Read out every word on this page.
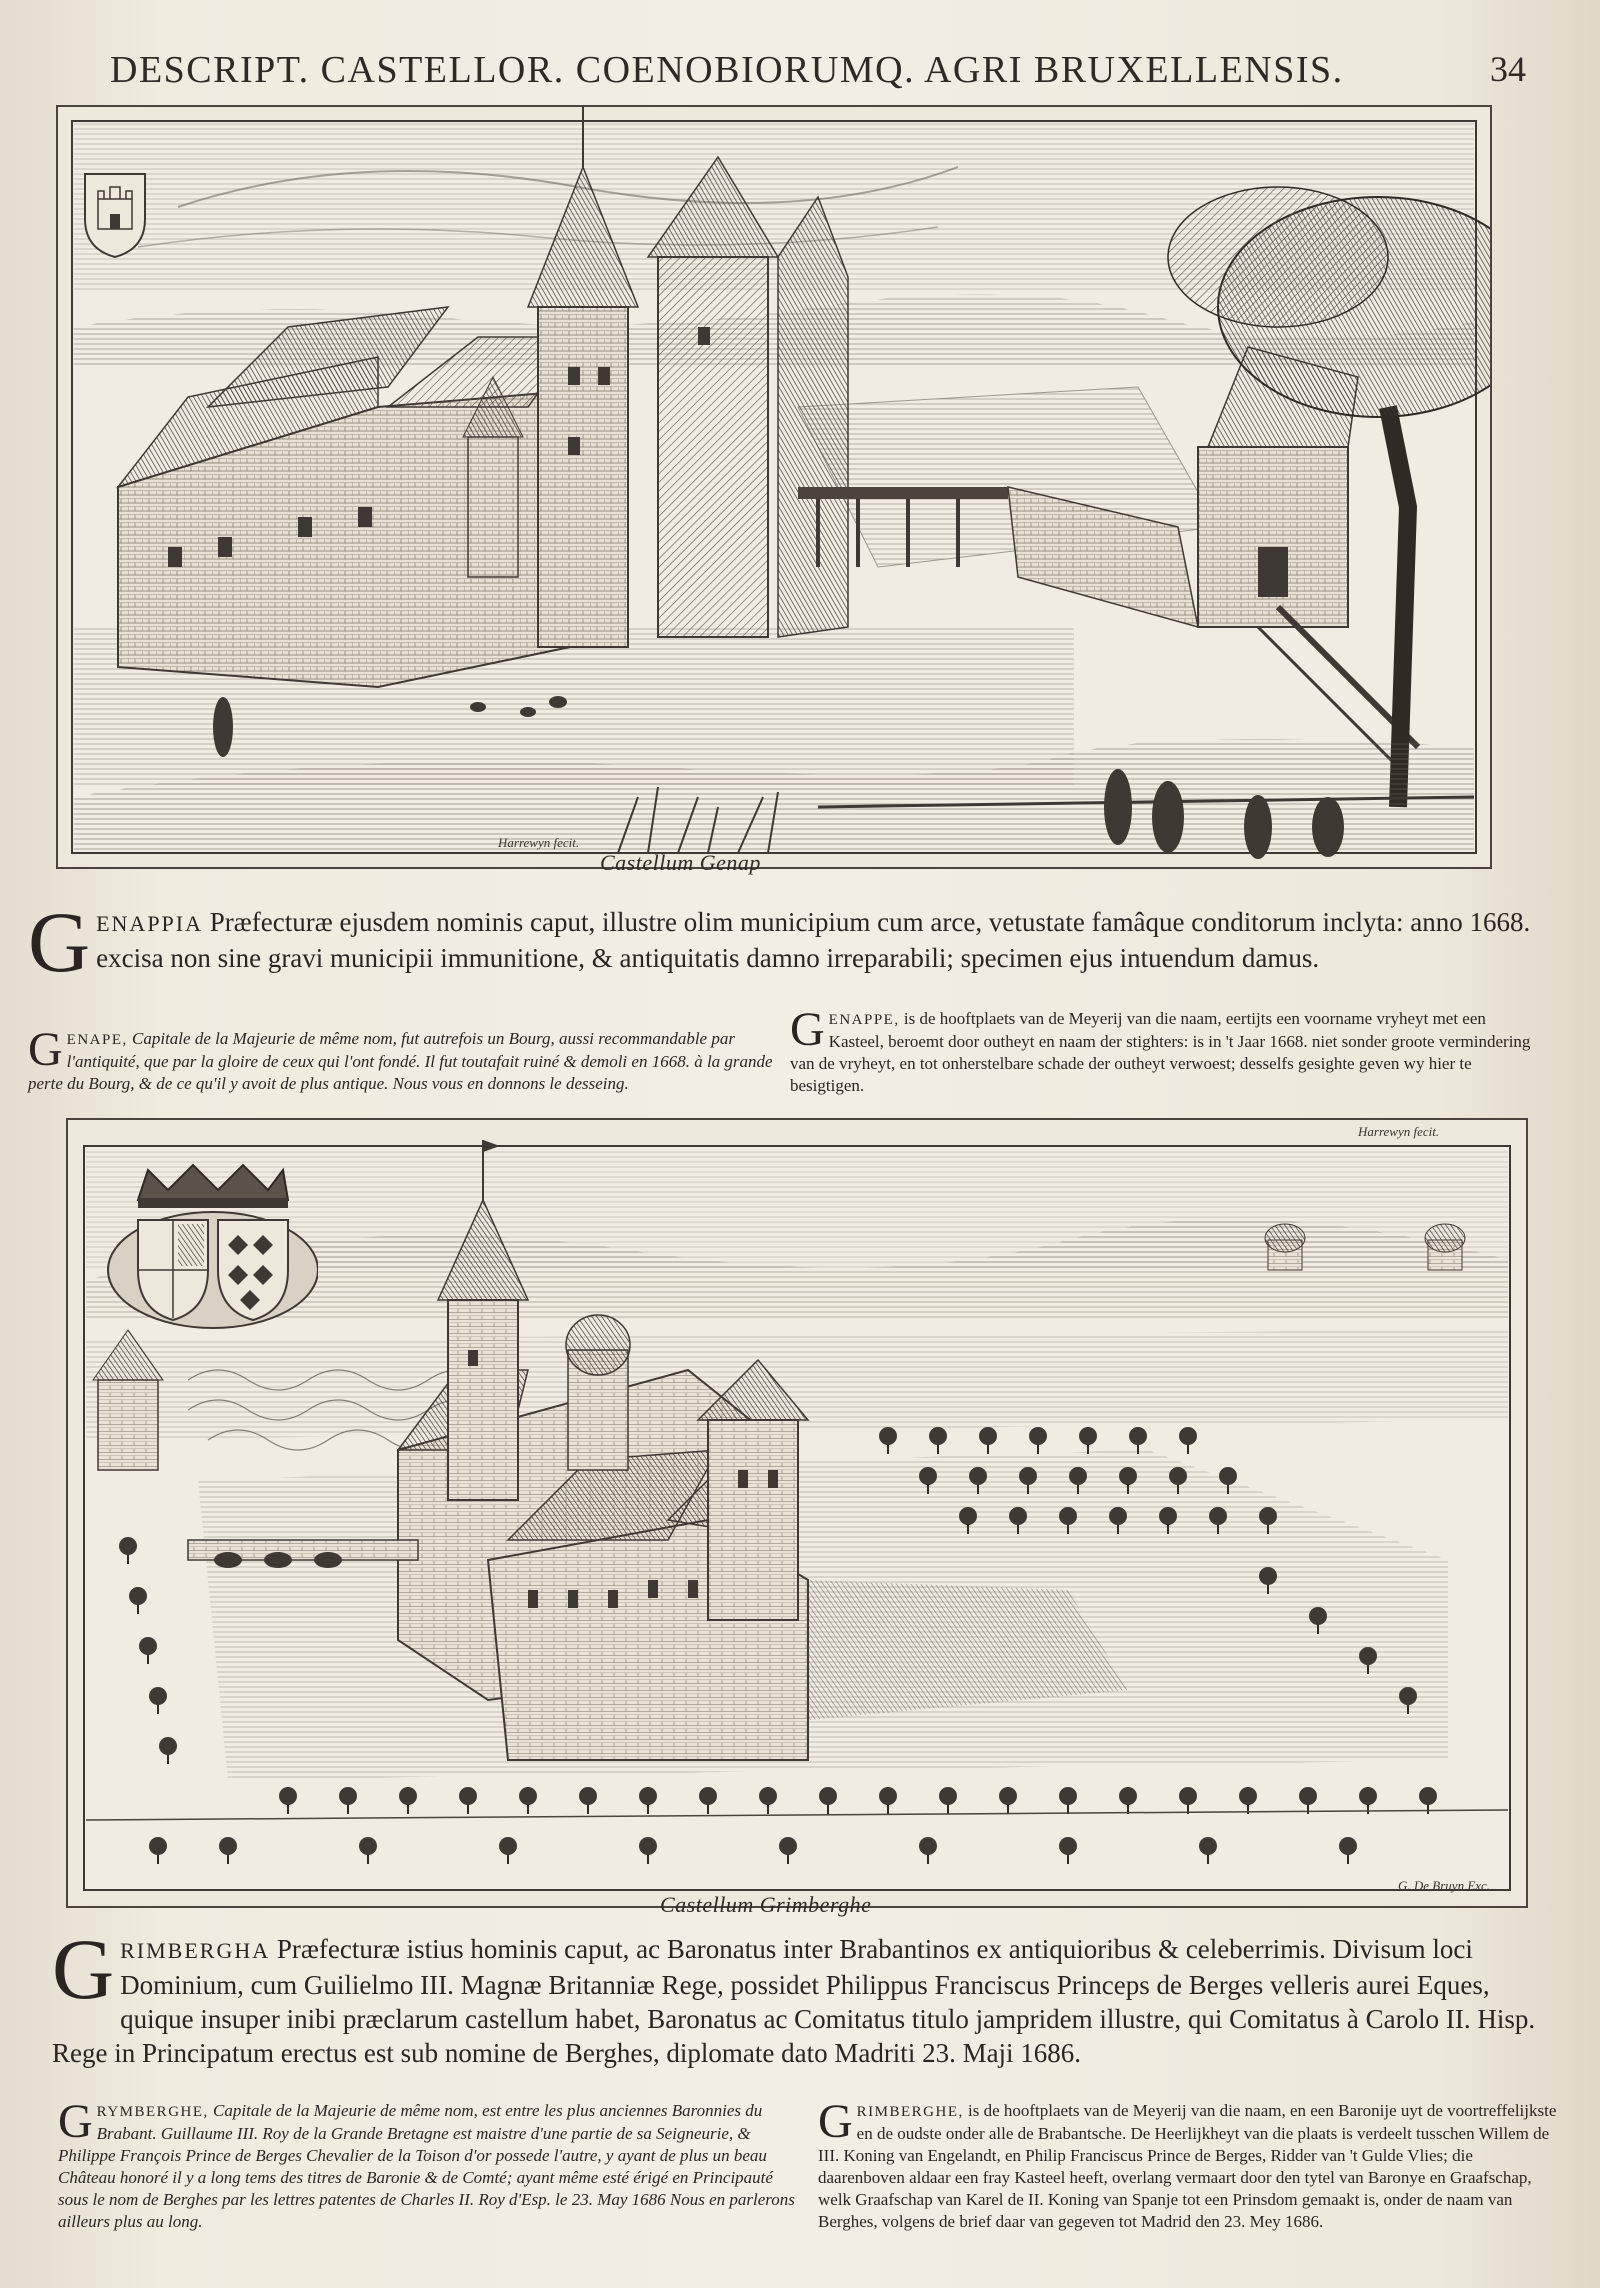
DESCRIPT. CASTELLOR. COENOBIORUMQ. AGRI BRUXELLENSIS.	34
Harrewyn fecit.
Castellum Genap
GENAPPIA Præfecturæ ejusdem nominis caput, illustre olim municipium cum arce, vetustate famâque conditorum inclyta: anno 1668. excisa non sine gravi municipii immunitione, & antiquitatis damno irreparabili; specimen ejus intuendum damus.
GENAPE, Capitale de la Majeurie de même nom, fut autrefois un Bourg, aussi recommandable par l'antiquité, que par la gloire de ceux qui l'ont fondé. Il fut toutafait ruiné & demoli en 1668. à la grande perte du Bourg, & de ce qu'il y avoit de plus antique. Nous vous en donnons le desseing.
GENAPPE, is de hooftplaets van de Meyerij van die naam, eertijts een voorname vryheyt met een Kasteel, beroemt door outheyt en naam der stighters: is in 't Jaar 1668. niet sonder groote vermindering van de vryheyt, en tot onherstelbare schade der outheyt verwoest; desselfs gesighte geven wy hier te besigtigen.
Harrewyn fecit.
G. De Bruyn Exc.
Castellum Grimberghe
GRIMBERGHA Præfecturæ istius hominis caput, ac Baronatus inter Brabantinos ex antiquioribus & celeberrimis. Divisum loci Dominium, cum Guilielmo III. Magnæ Britanniæ Rege, possidet Philippus Franciscus Princeps de Berges velleris aurei Eques, quique insuper inibi præclarum castellum habet, Baronatus ac Comitatus titulo jampridem illustre, qui Comitatus à Carolo II. Hisp. Rege in Principatum erectus est sub nomine de Berghes, diplomate dato Madriti 23. Maji 1686.
GRYMBERGHE, Capitale de la Majeurie de même nom, est entre les plus anciennes Baronnies du Brabant. Guillaume III. Roy de la Grande Bretagne est maistre d'une partie de sa Seigneurie, & Philippe François Prince de Berges Chevalier de la Toison d'or possede l'autre, y ayant de plus un beau Château honoré il y a long tems des titres de Baronie & de Comté; ayant même esté érigé en Principauté sous le nom de Berghes par les lettres patentes de Charles II. Roy d'Esp. le 23. May 1686 Nous en parlerons ailleurs plus au long.
GRIMBERGHE, is de hooftplaets van de Meyerij van die naam, en een Baronije uyt de voortreffelijkste en de oudste onder alle de Brabantsche. De Heerlijkheyt van die plaats is verdeelt tusschen Willem de III. Koning van Engelandt, en Philip Franciscus Prince de Berges, Ridder van 't Gulde Vlies; die daarenboven aldaar een fray Kasteel heeft, overlang vermaart door den tytel van Baronye en Graafschap, welk Graafschap van Karel de II. Koning van Spanje tot een Prinsdom gemaakt is, onder de naam van Berghes, volgens de brief daar van gegeven tot Madrid den 23. Mey 1686.
